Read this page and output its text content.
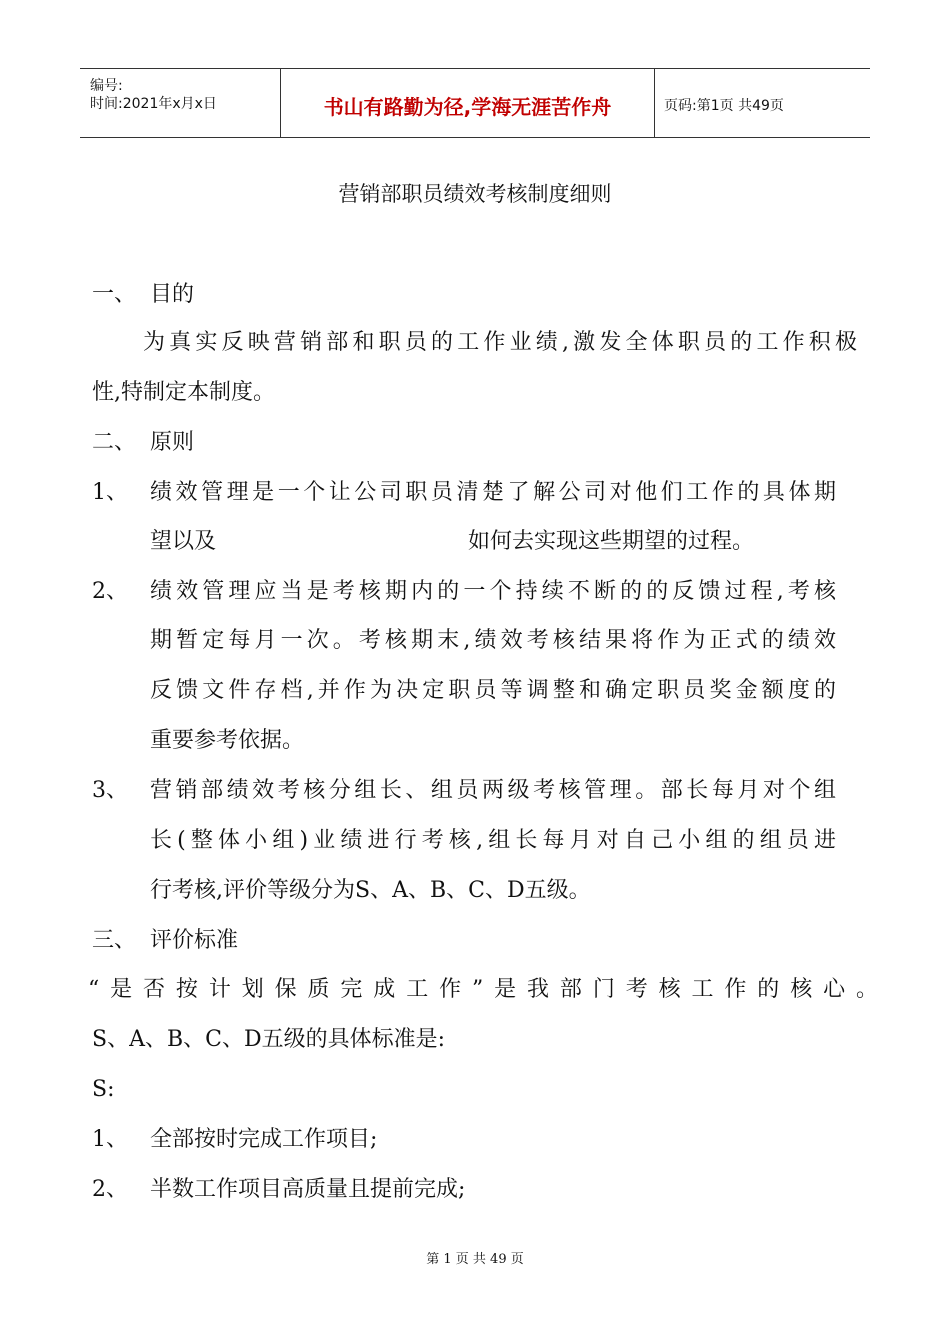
编号:
时间:2021年x月x日	书山有路勤为径,学海无涯苦作舟	页码:第1页 共49页
营销部职员绩效考核制度细则
一、 目的
为真实反映营销部和职员的工作业绩,激发全体职员的工作积极
性,特制定本制度。
二、 原则
1、 绩效管理是一个让公司职员清楚了解公司对他们工作的具体期
望以及	如何去实现这些期望的过程。
2、 绩效管理应当是考核期内的一个持续不断的的反馈过程,考核
期暂定每月一次。考核期末,绩效考核结果将作为正式的绩效
反馈文件存档,并作为决定职员等调整和确定职员奖金额度的
重要参考依据。
3、 营销部绩效考核分组长、组员两级考核管理。部长每月对个组
长(整体小组)业绩进行考核,组长每月对自己小组的组员进
行考核,评价等级分为S、A、B、C、D五级。
三、 评价标准
“是否按计划保质完成工作”是我部门考核工作的核心。
S、A、B、C、D五级的具体标准是:
S:
1、 全部按时完成工作项目;
2、 半数工作项目高质量且提前完成;
第 1 页 共 49 页
